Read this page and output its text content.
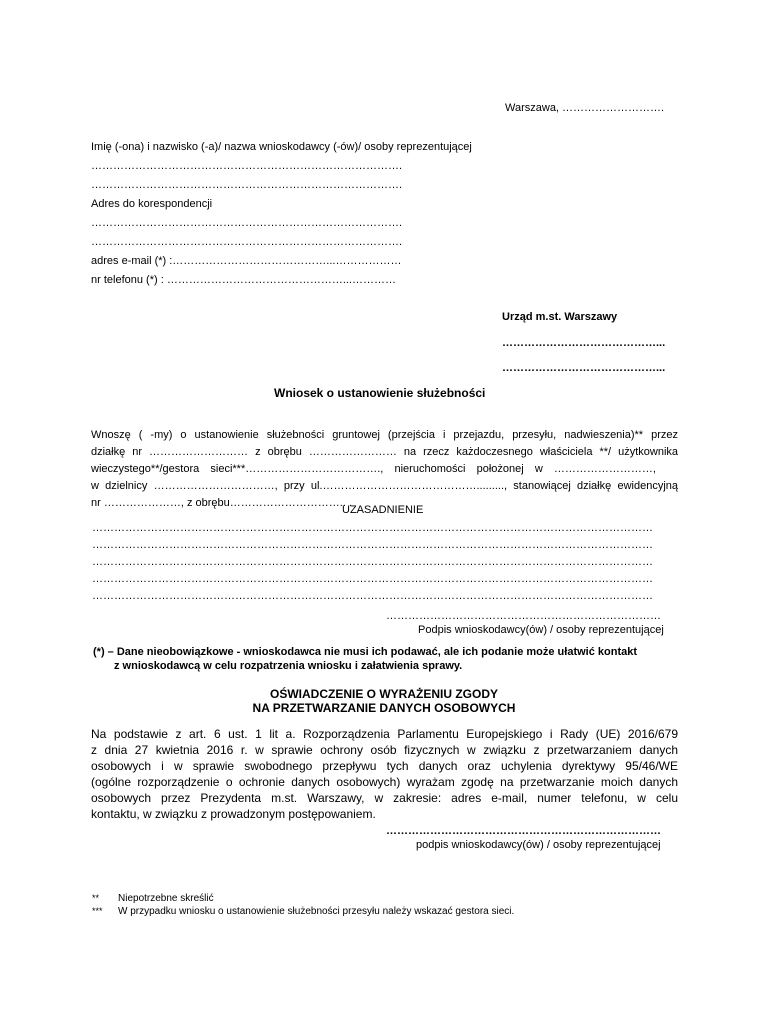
Warszawa, ……………………….
Imię (-ona) i nazwisko (-a)/ nazwa wnioskodawcy (-ów)/ osoby reprezentującej
………………………………………………………………………….
………………………………………………………………………….
Adres do korespondencji
………………………………………………………………………….
………………………………………………………………………….
adres e-mail (*) :……………………………………...………………
nr telefonu (*) : …………………………………………...…………
Urząd m.st. Warszawy
……………………………………...
……………………………………...
Wniosek o ustanowienie służebności
Wnoszę ( -my) o ustanowienie służebności gruntowej (przejścia i przejazdu, przesyłu, nadwieszenia)** przez
działkę nr ……………………… z obrębu …………………… na rzecz każdoczesnego właściciela **/ użytkownika
wieczystego**/gestora sieci***………………………………., nieruchomości położonej w ………………………,
w dzielnicy ……………………………, przy ul.……………………………………........., stanowiącej działkę ewidencyjną
nr …………………, z obrębu………………………….. .
UZASADNIENIE
………………………………………………………………………………………………………………………………………
………………………………………………………………………………………………………………………………………
………………………………………………………………………………………………………………………………………
………………………………………………………………………………………………………………………………………
………………………………………………………………………………………………………………………………………
…………………………………………………………………
Podpis wnioskodawcy(ów) / osoby reprezentującej
(*) – Dane nieobowiązkowe - wnioskodawca nie musi ich podawać, ale ich podanie może ułatwić kontakt
z wnioskodawcą w celu rozpatrzenia wniosku i załatwienia sprawy.
OŚWIADCZENIE O WYRAŻENIU ZGODY
NA PRZETWARZANIE DANYCH OSOBOWYCH
Na podstawie z art. 6 ust. 1 lit a. Rozporządzenia Parlamentu Europejskiego i Rady (UE) 2016/679
z dnia 27 kwietnia 2016 r. w sprawie ochrony osób fizycznych w związku z przetwarzaniem danych
osobowych i w sprawie swobodnego przepływu tych danych oraz uchylenia dyrektywy 95/46/WE
(ogólne rozporządzenie o ochronie danych osobowych) wyrażam zgodę na przetwarzanie moich danych
osobowych przez Prezydenta m.st. Warszawy, w zakresie: adres e-mail, numer telefonu, w celu
kontaktu, w związku z prowadzonym postępowaniem.
…………………………………………………………………
podpis wnioskodawcy(ów) / osoby reprezentującej
** Niepotrzebne skreślić
*** W przypadku wniosku o ustanowienie służebności przesyłu należy wskazać gestora sieci.
